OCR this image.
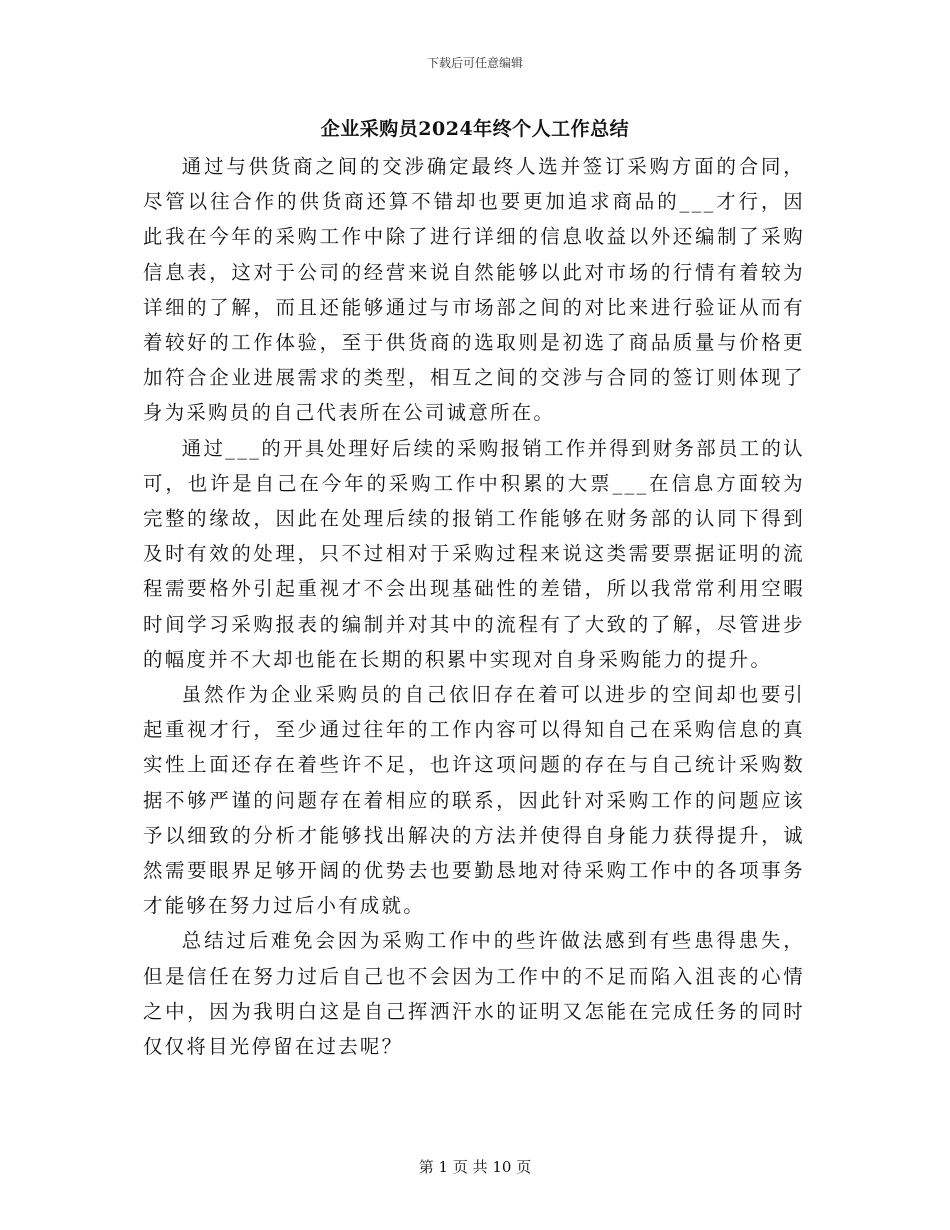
下载后可任意编辑
企业采购员2024年终个人工作总结

通过与供货商之间的交涉确定最终人选并签订采购方面的合同，尽管以往合作的供货商还算不错却也要更加追求商品的___才行，因此我在今年的采购工作中除了进行详细的信息收益以外还编制了采购信息表，这对于公司的经营来说自然能够以此对市场的行情有着较为详细的了解，而且还能够通过与市场部之间的对比来进行验证从而有着较好的工作体验，至于供货商的选取则是初选了商品质量与价格更加符合企业进展需求的类型，相互之间的交涉与合同的签订则体现了身为采购员的自己代表所在公司诚意所在。

通过___的开具处理好后续的采购报销工作并得到财务部员工的认可，也许是自己在今年的采购工作中积累的大票___在信息方面较为完整的缘故，因此在处理后续的报销工作能够在财务部的认同下得到及时有效的处理，只不过相对于采购过程来说这类需要票据证明的流程需要格外引起重视才不会出现基础性的差错，所以我常常利用空暇时间学习采购报表的编制并对其中的流程有了大致的了解，尽管进步的幅度并不大却也能在长期的积累中实现对自身采购能力的提升。

虽然作为企业采购员的自己依旧存在着可以进步的空间却也要引起重视才行，至少通过往年的工作内容可以得知自己在采购信息的真实性上面还存在着些许不足，也许这项问题的存在与自己统计采购数据不够严谨的问题存在着相应的联系，因此针对采购工作的问题应该予以细致的分析才能够找出解决的方法并使得自身能力获得提升，诚然需要眼界足够开阔的优势去也要勤恳地对待采购工作中的各项事务才能够在努力过后小有成就。

总结过后难免会因为采购工作中的些许做法感到有些患得患失，但是信任在努力过后自己也不会因为工作中的不足而陷入沮丧的心情之中，因为我明白这是自己挥洒汗水的证明又怎能在完成任务的同时仅仅将目光停留在过去呢？

第 1 页 共 10 页
